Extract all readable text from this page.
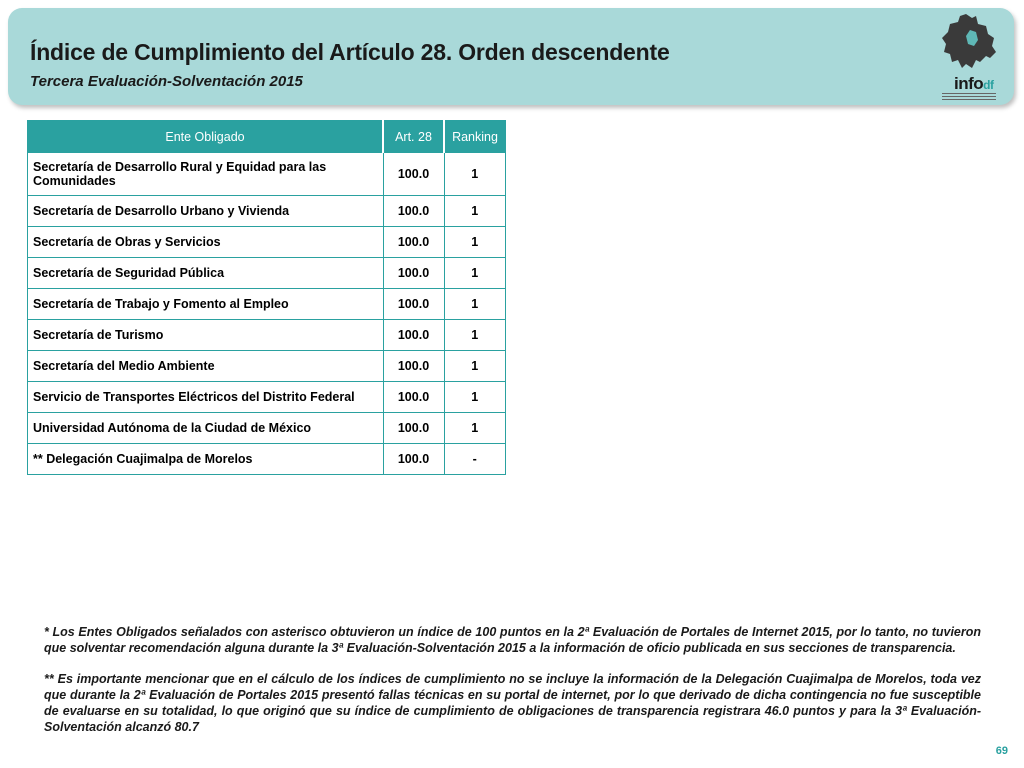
Índice de Cumplimiento del Artículo 28. Orden descendente

Tercera Evaluación-Solventación 2015	infodf
Ente Obligado	Art. 28	Ranking
Secretaría de Desarrollo Rural y Equidad para las Comunidades	100.0	1
Secretaría de Desarrollo Urbano y Vivienda	100.0	1
Secretaría de Obras y Servicios	100.0	1
Secretaría de Seguridad Pública	100.0	1
Secretaría de Trabajo y Fomento al Empleo	100.0	1
Secretaría de Turismo	100.0	1
Secretaría del Medio Ambiente	100.0	1
Servicio de Transportes Eléctricos del Distrito Federal	100.0	1
Universidad Autónoma de la Ciudad de México	100.0	1
** Delegación Cuajimalpa de Morelos	100.0	-

* Los Entes Obligados señalados con asterisco obtuvieron un índice de 100 puntos en la 2ª Evaluación de Portales de Internet 2015, por lo tanto, no tuvieron que solventar recomendación alguna durante la 3ª Evaluación-Solventación 2015 a la información de oficio publicada en sus secciones de transparencia.

** Es importante mencionar que en el cálculo de los índices de cumplimiento no se incluye la información de la Delegación Cuajimalpa de Morelos, toda vez que durante la 2ª Evaluación de Portales 2015 presentó fallas técnicas en su portal de internet, por lo que derivado de dicha contingencia no fue susceptible de evaluarse en su totalidad, lo que originó que su índice de cumplimiento de obligaciones de transparencia registrara 46.0 puntos y para la 3ª Evaluación-Solventación alcanzó 80.7

69
